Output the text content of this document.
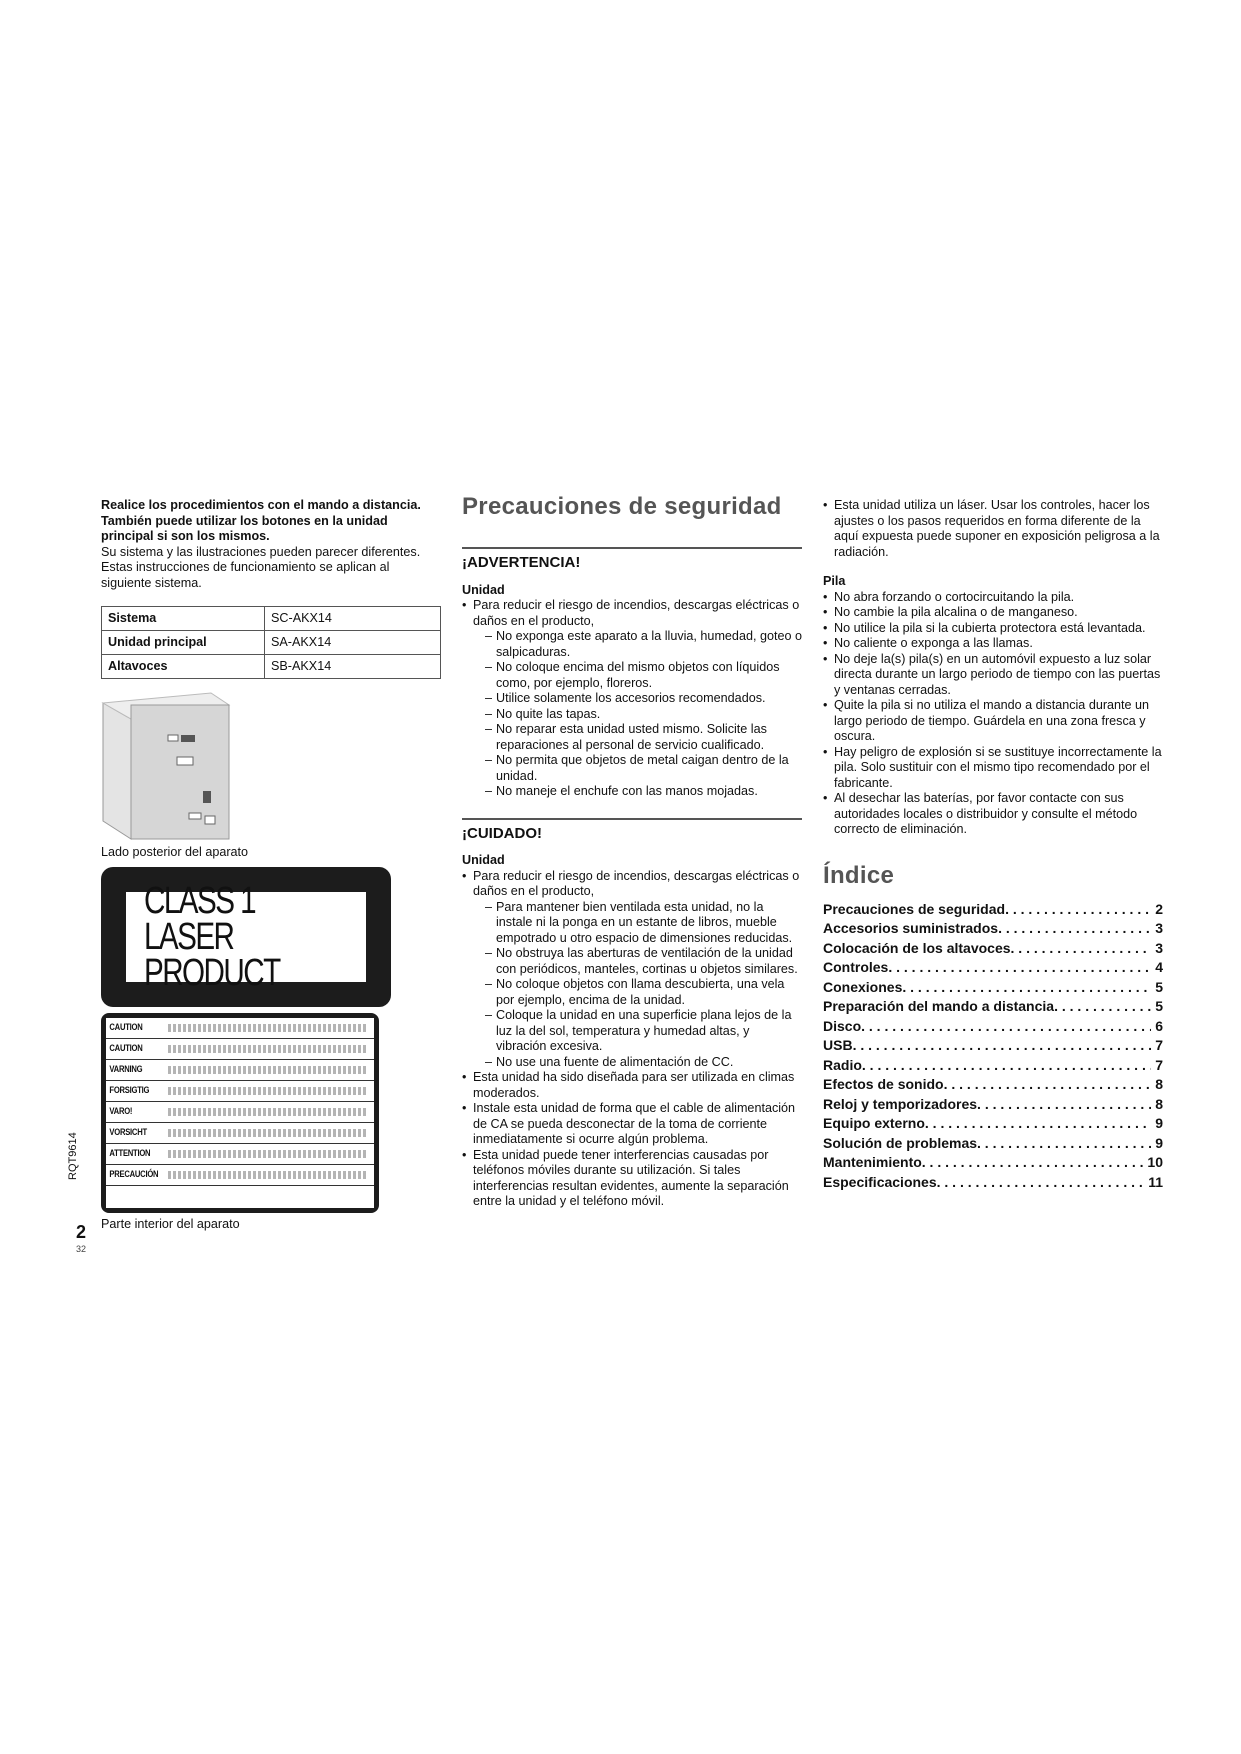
Realice los procedimientos con el mando a distancia. También puede utilizar los botones en la unidad principal si son los mismos.

Su sistema y las ilustraciones pueden parecer diferentes.

Estas instrucciones de funcionamiento se aplican al siguiente sistema.

Sistema	SC-AKX14
Unidad principal	SA-AKX14
Altavoces	SB-AKX14
Lado posterior del aparato
CLASS 1
LASER PRODUCT
CAUTION
CAUTION
VARNING
FORSIGTIG
VARO!
VORSICHT
ATTENTION
PRECAUCIÓN
Parte interior del aparato
RQT9614
2
32
Precauciones de seguridad
¡ADVERTENCIA!
Unidad
• Para reducir el riesgo de incendios, descargas eléctricas o daños en el producto,
– No exponga este aparato a la lluvia, humedad, goteo o salpicaduras.
– No coloque encima del mismo objetos con líquidos como, por ejemplo, floreros.
– Utilice solamente los accesorios recomendados.
– No quite las tapas.
– No reparar esta unidad usted mismo. Solicite las reparaciones al personal de servicio cualificado.
– No permita que objetos de metal caigan dentro de la unidad.
– No maneje el enchufe con las manos mojadas.
¡CUIDADO!
Unidad
• Para reducir el riesgo de incendios, descargas eléctricas o daños en el producto,
– Para mantener bien ventilada esta unidad, no la instale ni la ponga en un estante de libros, mueble empotrado u otro espacio de dimensiones reducidas.
– No obstruya las aberturas de ventilación de la unidad con periódicos, manteles, cortinas u objetos similares.
– No coloque objetos con llama descubierta, una vela por ejemplo, encima de la unidad.
– Coloque la unidad en una superficie plana lejos de la luz la del sol, temperatura y humedad altas, y vibración excesiva.
– No use una fuente de alimentación de CC.
• Esta unidad ha sido diseñada para ser utilizada en climas moderados.
• Instale esta unidad de forma que el cable de alimentación de CA se pueda desconectar de la toma de corriente inmediatamente si ocurre algún problema.
• Esta unidad puede tener interferencias causadas por teléfonos móviles durante su utilización. Si tales interferencias resultan evidentes, aumente la separación entre la unidad y el teléfono móvil.
• Esta unidad utiliza un láser. Usar los controles, hacer los ajustes o los pasos requeridos en forma diferente de la aquí expuesta puede suponer en exposición peligrosa a la radiación.
Pila
• No abra forzando o cortocircuitando la pila.
• No cambie la pila alcalina o de manganeso.
• No utilice la pila si la cubierta protectora está levantada.
• No caliente o exponga a las llamas.
• No deje la(s) pila(s) en un automóvil expuesto a luz solar directa durante un largo periodo de tiempo con las puertas y ventanas cerradas.
• Quite la pila si no utiliza el mando a distancia durante un largo periodo de tiempo. Guárdela en una zona fresca y oscura.
• Hay peligro de explosión si se sustituye incorrectamente la pila. Solo sustituir con el mismo tipo recomendado por el fabricante.
• Al desechar las baterías, por favor contacte con sus autoridades locales o distribuidor y consulte el método correcto de eliminación.
Índice
Precauciones de seguridad . . .	2
Accesorios suministrados . . .	3
Colocación de los altavoces . . .	3
Controles . . .	4
Conexiones . . .	5
Preparación del mando a distancia . . .	5
Disco . . .	6
USB . . .	7
Radio . . .	7
Efectos de sonido . . .	8
Reloj y temporizadores . . .	8
Equipo externo . . .	9
Solución de problemas . . .	9
Mantenimiento . . .	10
Especificaciones . . .	11
